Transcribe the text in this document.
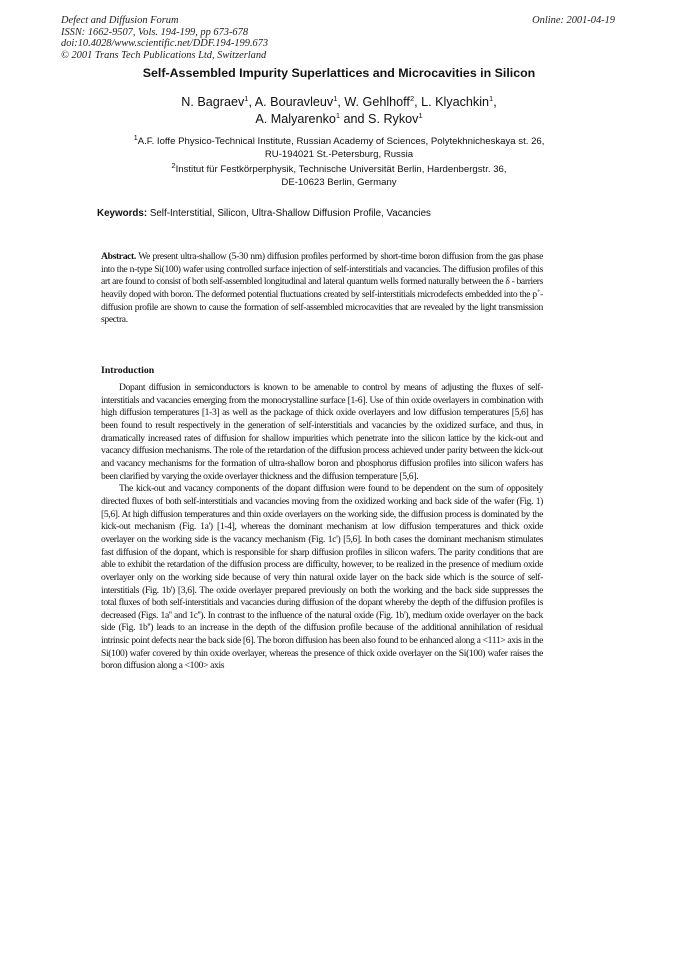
Defect and Diffusion Forum
ISSN: 1662-9507, Vols. 194-199, pp 673-678
doi:10.4028/www.scientific.net/DDF.194-199.673
© 2001 Trans Tech Publications Ltd, Switzerland
Online: 2001-04-19
Self-Assembled Impurity Superlattices and Microcavities in Silicon
N. Bagraev$^1$, A. Bouravleuv$^1$, W. Gehlhoff$^2$, L. Klyachkin$^1$,
A. Malyarenko$^1$ and S. Rykov$^1$
$^1$A.F. Ioffe Physico-Technical Institute, Russian Academy of Sciences, Polytekhnicheskaya st. 26,
RU-194021 St.-Petersburg, Russia
$^2$Institut für Festkörperphysik, Technische Universität Berlin, Hardenbergstr. 36,
DE-10623 Berlin, Germany
Keywords: Self-Interstitial, Silicon, Ultra-Shallow Diffusion Profile, Vacancies
Abstract. We present ultra-shallow (5-30 nm) diffusion profiles performed by short-time boron diffusion from the gas phase into the n-type Si(100) wafer using controlled surface injection of self-interstitials and vacancies. The diffusion profiles of this art are found to consist of both self-assembled longitudinal and lateral quantum wells formed naturally between the δ - barriers heavily doped with boron. The deformed potential fluctuations created by self-interstitials microdefects embedded into the p+-diffusion profile are shown to cause the formation of self-assembled microcavities that are revealed by the light transmission spectra.
Introduction

Dopant diffusion in semiconductors is known to be amenable to control by means of adjusting the fluxes of self-interstitials and vacancies emerging from the monocrystalline surface [1-6]. Use of thin oxide overlayers in combination with high diffusion temperatures [1-3] as well as the package of thick oxide overlayers and low diffusion temperatures [5,6] has been found to result respectively in the generation of self-interstitials and vacancies by the oxidized surface, and thus, in dramatically increased rates of diffusion for shallow impurities which penetrate into the silicon lattice by the kick-out and vacancy diffusion mechanisms. The role of the retardation of the diffusion process achieved under parity between the kick-out and vacancy mechanisms for the formation of ultra-shallow boron and phosphorus diffusion profiles into silicon wafers has been clarified by varying the oxide overlayer thickness and the diffusion temperature [5,6].

The kick-out and vacancy components of the dopant diffusion were found to be dependent on the sum of oppositely directed fluxes of both self-interstitials and vacancies moving from the oxidized working and back side of the wafer (Fig. 1) [5,6]. At high diffusion temperatures and thin oxide overlayers on the working side, the diffusion process is dominated by the kick-out mechanism (Fig. 1a') [1-4], whereas the dominant mechanism at low diffusion temperatures and thick oxide overlayer on the working side is the vacancy mechanism (Fig. 1c') [5,6]. In both cases the dominant mechanism stimulates fast diffusion of the dopant, which is responsible for sharp diffusion profiles in silicon wafers. The parity conditions that are able to exhibit the retardation of the diffusion process are difficulty, however, to be realized in the presence of medium oxide overlayer only on the working side because of very thin natural oxide layer on the back side which is the source of self-interstitials (Fig. 1b') [3,6]. The oxide overlayer prepared previously on both the working and the back side suppresses the total fluxes of both self-interstitials and vacancies during diffusion of the dopant whereby the depth of the diffusion profiles is decreased (Figs. 1a'' and 1c''). In contrast to the influence of the natural oxide (Fig. 1b'), medium oxide overlayer on the back side (Fig. 1b'') leads to an increase in the depth of the diffusion profile because of the additional annihilation of residual intrinsic point defects near the back side [6]. The boron diffusion has been also found to be enhanced along a <111> axis in the Si(100) wafer covered by thin oxide overlayer, whereas the presence of thick oxide overlayer on the Si(100) wafer raises the boron diffusion along a <100> axis
